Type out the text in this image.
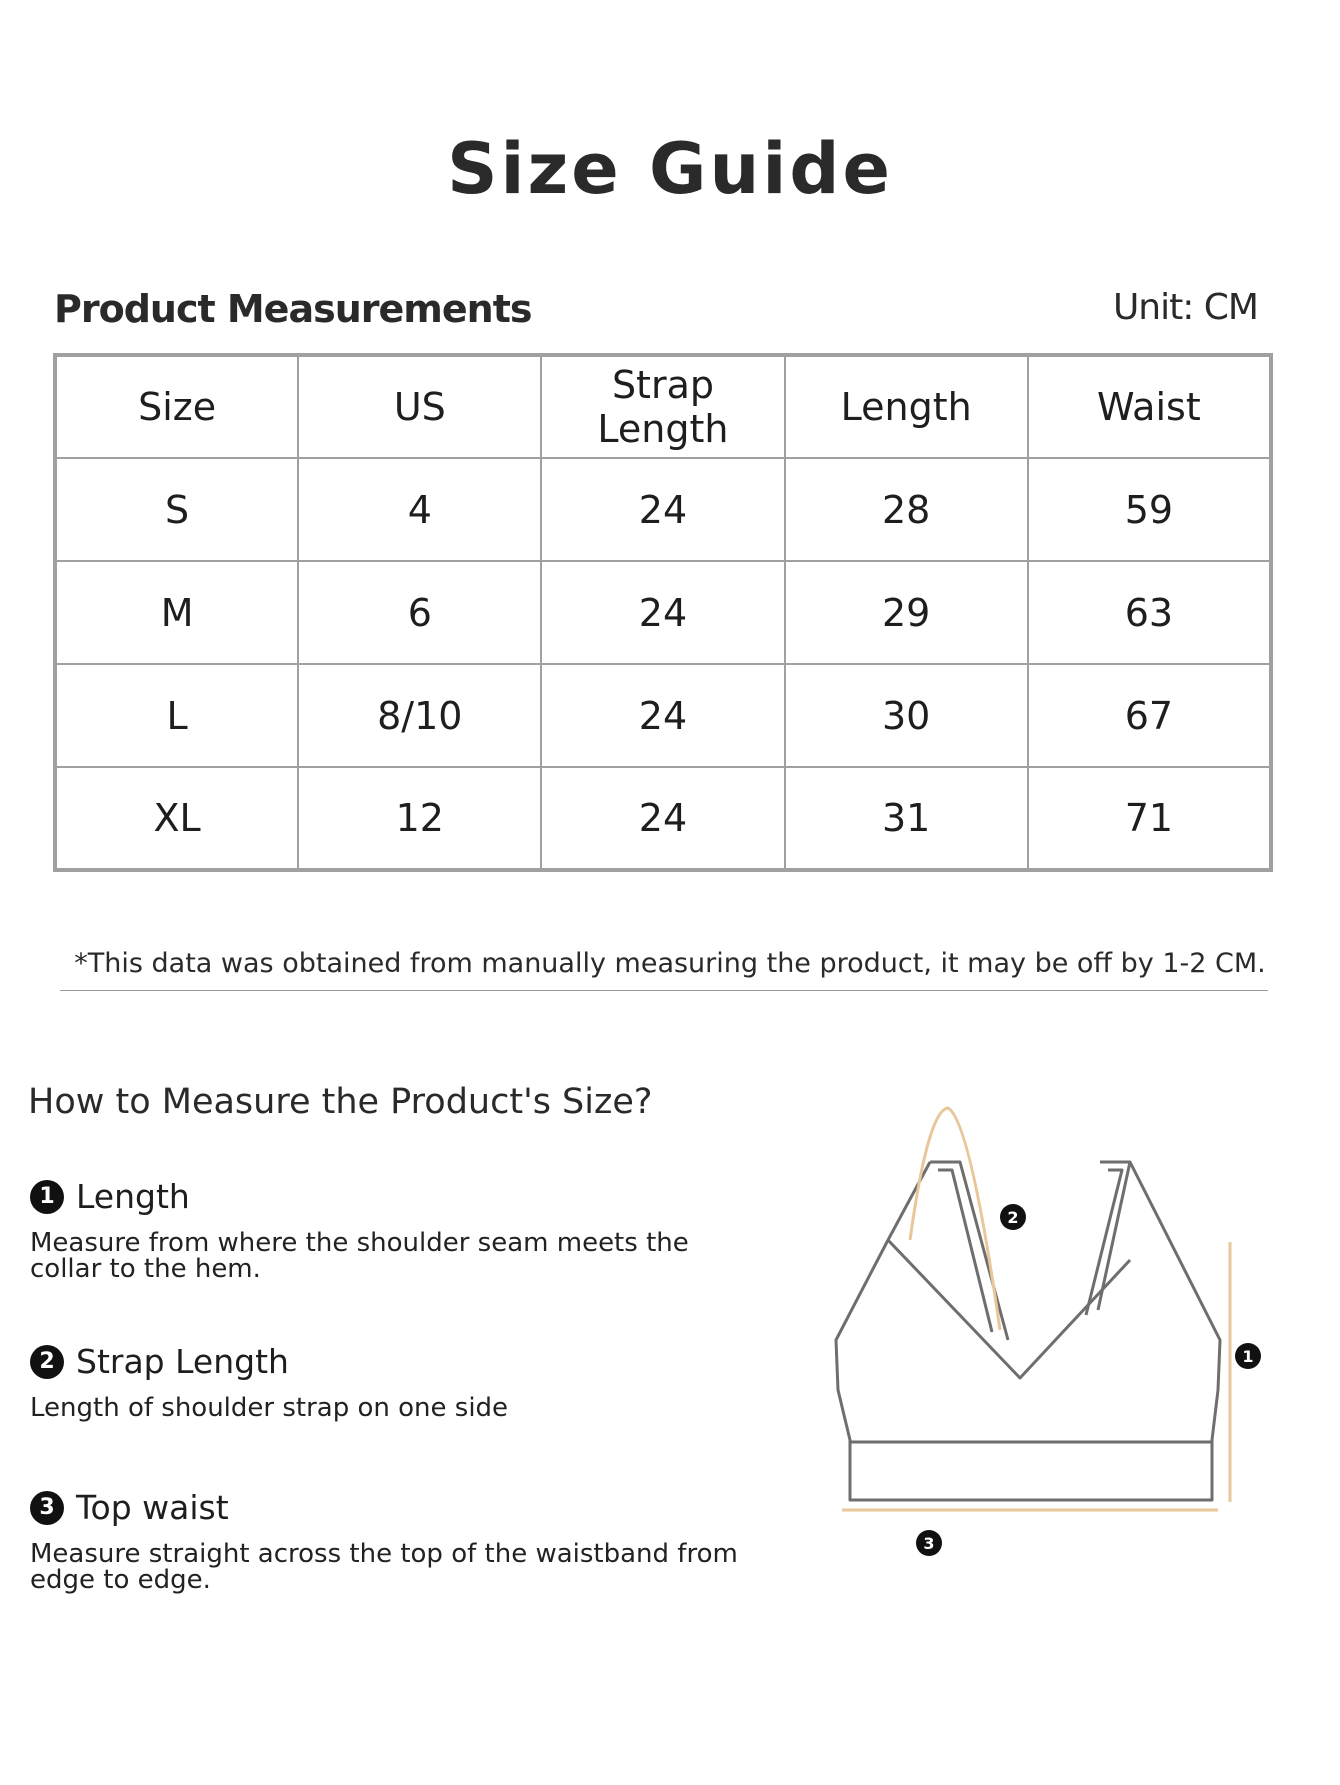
Size Guide
Product Measurements	Unit: CM
Size	US	Strap Length	Length	Waist
S	4	24	28	59
M	6	24	29	63
L	8/10	24	30	67
XL	12	24	31	71
*This data was obtained from manually measuring the product, it may be off by 1-2 CM.
How to Measure the Product's Size?
1 Length
Measure from where the shoulder seam meets the collar to the hem.
2 Strap Length
Length of shoulder strap on one side
3 Top waist
Measure straight across the top of the waistband from edge to edge.
2
1
3
